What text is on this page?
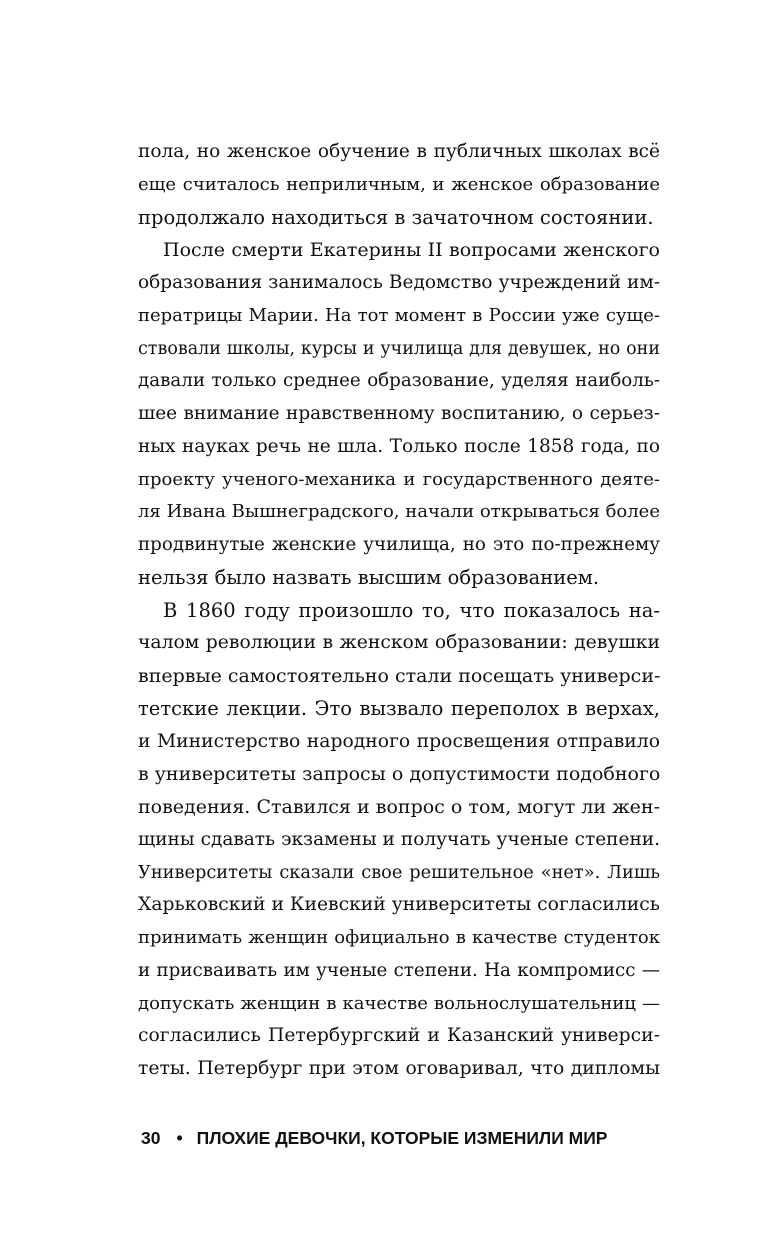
пола, но женское обучение в публичных школах всё
еще считалось неприличным, и женское образование
продолжало находиться в зачаточном состоянии.
После смерти Екатерины II вопросами женского
образования занималось Ведомство учреждений им-
ператрицы Марии. На тот момент в России уже суще-
ствовали школы, курсы и училища для девушек, но они
давали только среднее образование, уделяя наиболь-
шее внимание нравственному воспитанию, о серьез-
ных науках речь не шла. Только после 1858 года, по
проекту ученого-механика и государственного деяте-
ля Ивана Вышнеградского, начали открываться более
продвинутые женские училища, но это по-прежнему
нельзя было назвать высшим образованием.
В 1860 году произошло то, что показалось на-
чалом революции в женском образовании: девушки
впервые самостоятельно стали посещать универси-
тетские лекции. Это вызвало переполох в верхах,
и Министерство народного просвещения отправило
в университеты запросы о допустимости подобного
поведения. Ставился и вопрос о том, могут ли жен-
щины сдавать экзамены и получать ученые степени.
Университеты сказали свое решительное «нет». Лишь
Харьковский и Киевский университеты согласились
принимать женщин официально в качестве студенток
и присваивать им ученые степени. На компромисс —
допускать женщин в качестве вольнослушательниц —
согласились Петербургский и Казанский универси-
теты. Петербург при этом оговаривал, что дипломы
30 • ПЛОХИЕ ДЕВОЧКИ, КОТОРЫЕ ИЗМЕНИЛИ МИР
